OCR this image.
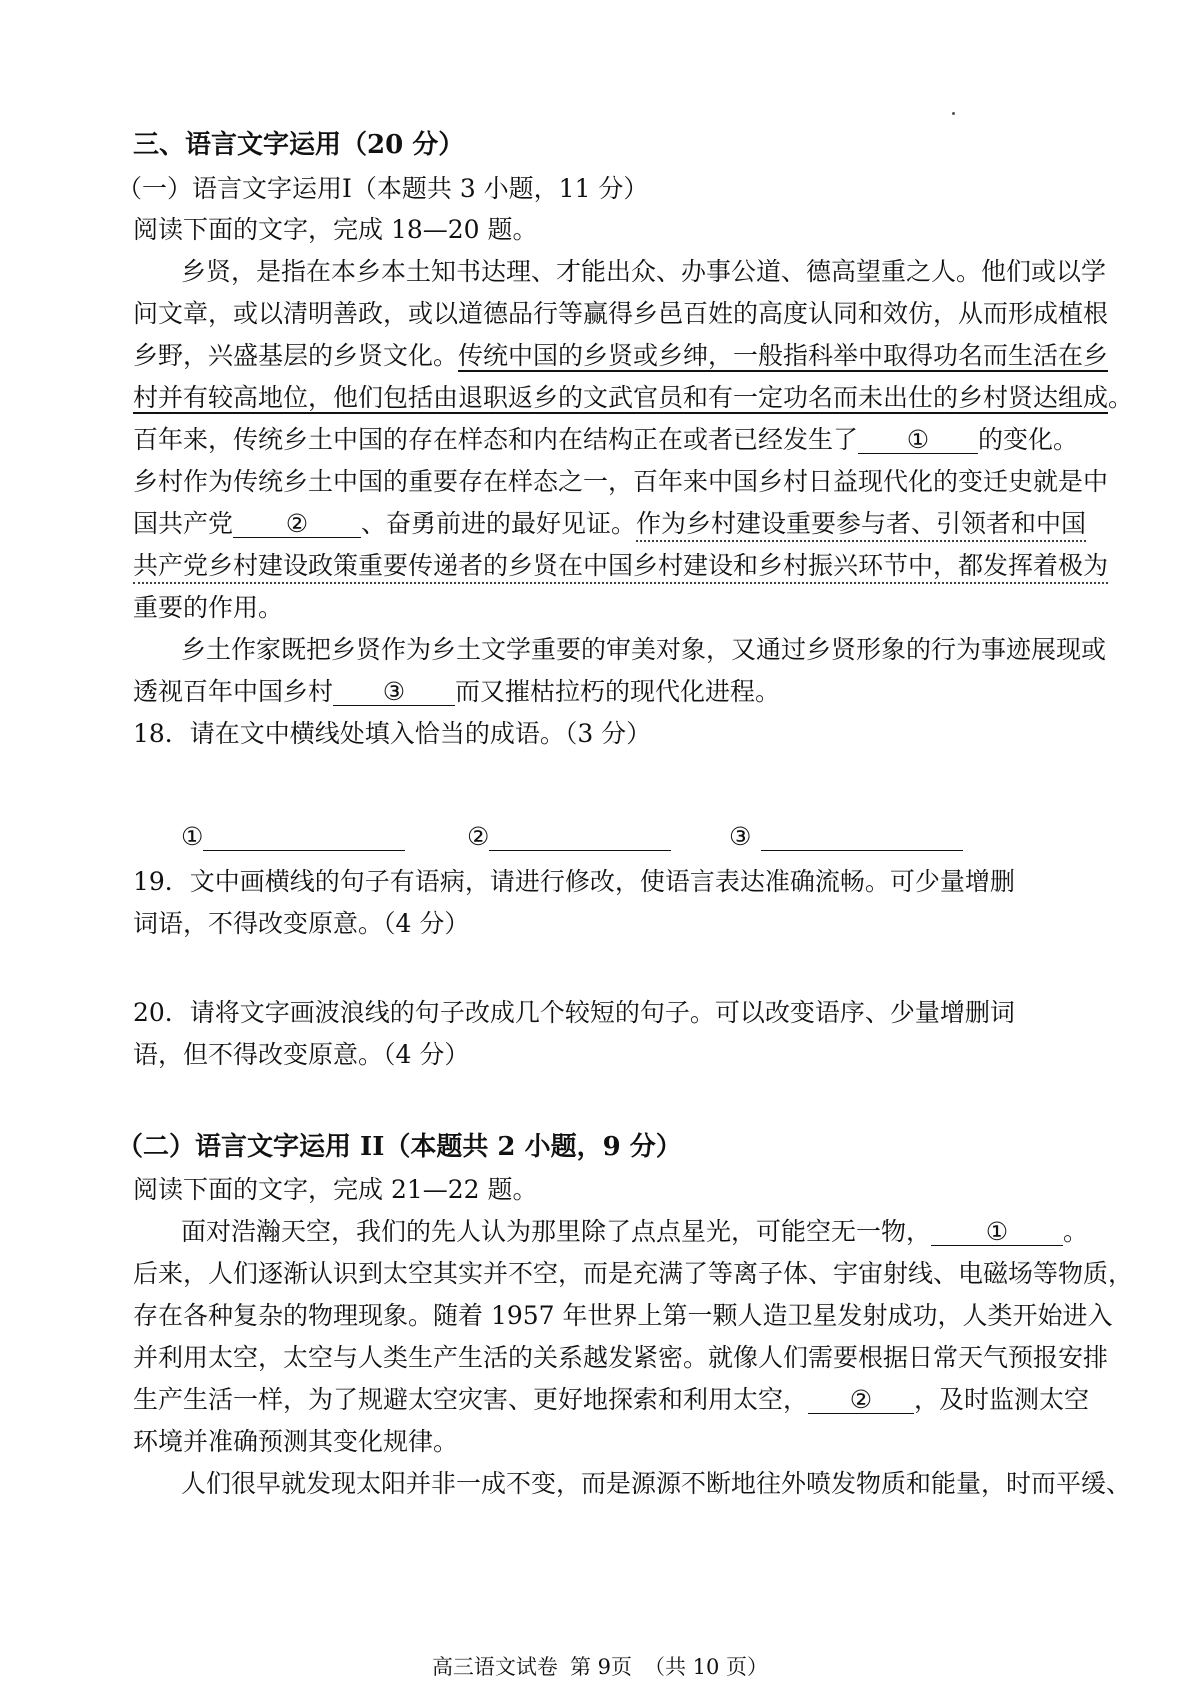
三、语言文字运用（20 分）
（一）语言文字运用I（本题共 3 小题，11 分）
阅读下面的文字，完成 18—20 题。
乡贤，是指在本乡本土知书达理、才能出众、办事公道、德高望重之人。他们或以学
问文章，或以清明善政，或以道德品行等赢得乡邑百姓的高度认同和效仿，从而形成植根
乡野，兴盛基层的乡贤文化。传统中国的乡贤或乡绅，一般指科举中取得功名而生活在乡
村并有较高地位，他们包括由退职返乡的文武官员和有一定功名而未出仕的乡村贤达组成。
百年来，传统乡土中国的存在样态和内在结构正在或者已经发生了 ① 的变化。
乡村作为传统乡土中国的重要存在样态之一，百年来中国乡村日益现代化的变迁史就是中
国共产党 ② 、奋勇前进的最好见证。作为乡村建设重要参与者、引领者和中国
共产党乡村建设政策重要传递者的乡贤在中国乡村建设和乡村振兴环节中，都发挥着极为
重要的作用。
乡土作家既把乡贤作为乡土文学重要的审美对象，又通过乡贤形象的行为事迹展现或
透视百年中国乡村 ③ 而又摧枯拉朽的现代化进程。
18．请在文中横线处填入恰当的成语。（3 分）
①	②	③
19．文中画横线的句子有语病，请进行修改，使语言表达准确流畅。可少量增删
词语，不得改变原意。（4 分）
20．请将文字画波浪线的句子改成几个较短的句子。可以改变语序、少量增删词
语，但不得改变原意。（4 分）
（二）语言文字运用 II（本题共 2 小题，9 分）
阅读下面的文字，完成 21—22 题。
面对浩瀚天空，我们的先人认为那里除了点点星光，可能空无一物， ① 。
后来，人们逐渐认识到太空其实并不空，而是充满了等离子体、宇宙射线、电磁场等物质，
存在各种复杂的物理现象。随着 1957 年世界上第一颗人造卫星发射成功，人类开始进入
并利用太空，太空与人类生产生活的关系越发紧密。就像人们需要根据日常天气预报安排
生产生活一样，为了规避太空灾害、更好地探索和利用太空， ② ，及时监测太空
环境并准确预测其变化规律。
人们很早就发现太阳并非一成不变，而是源源不断地往外喷发物质和能量，时而平缓、
高三语文试卷 第 9页 （共 10 页）
